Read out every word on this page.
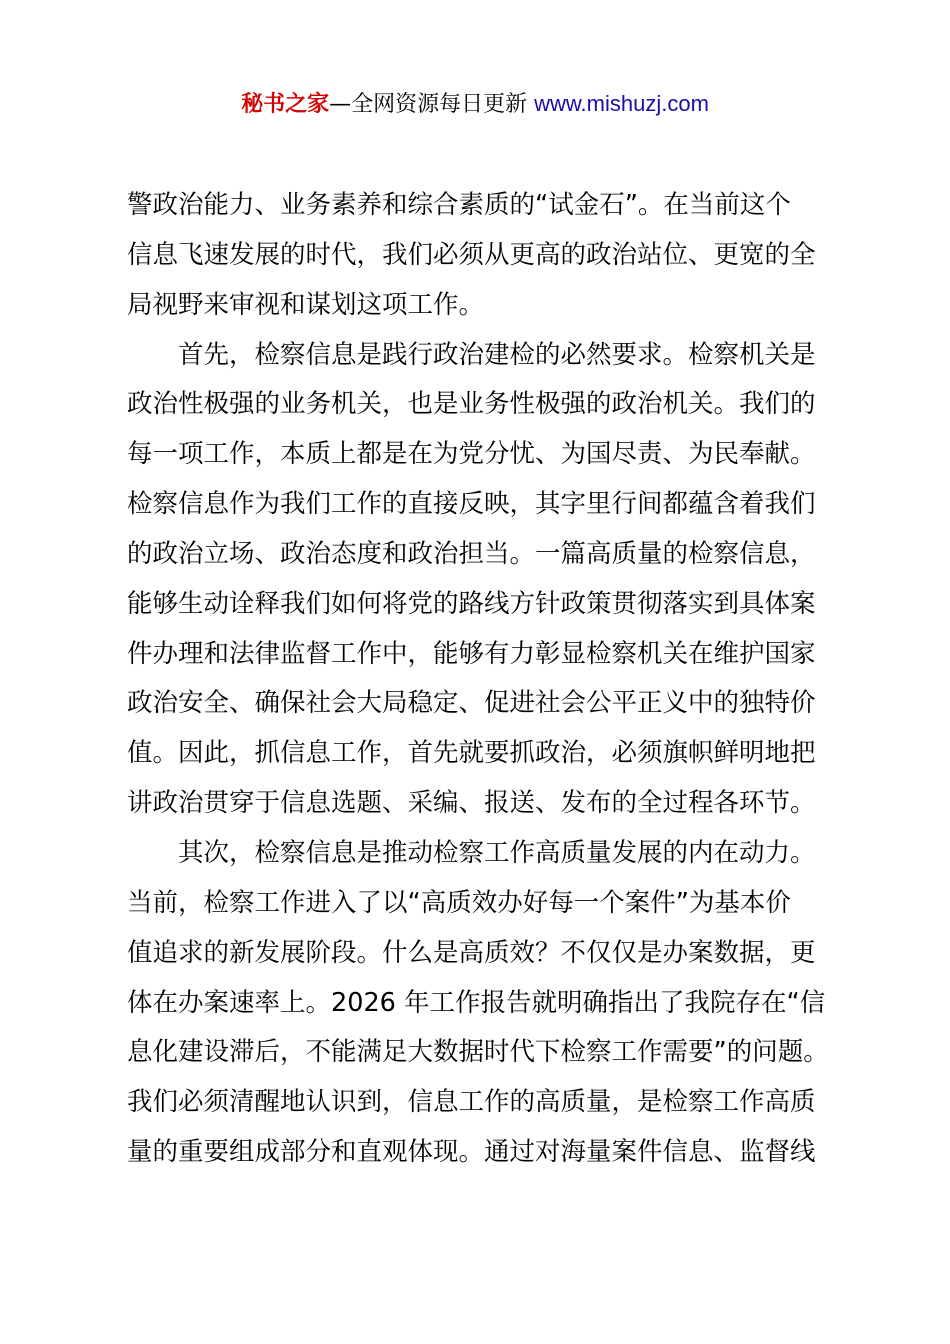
秘书之家—全网资源每日更新 www.mishuzj.com
警政治能力、业务素养和综合素质的“试金石”。在当前这个
信息飞速发展的时代，我们必须从更高的政治站位、更宽的全
局视野来审视和谋划这项工作。
首先，检察信息是践行政治建检的必然要求。检察机关是
政治性极强的业务机关，也是业务性极强的政治机关。我们的
每一项工作，本质上都是在为党分忧、为国尽责、为民奉献。
检察信息作为我们工作的直接反映，其字里行间都蕴含着我们
的政治立场、政治态度和政治担当。一篇高质量的检察信息，
能够生动诠释我们如何将党的路线方针政策贯彻落实到具体案
件办理和法律监督工作中，能够有力彰显检察机关在维护国家
政治安全、确保社会大局稳定、促进社会公平正义中的独特价
值。因此，抓信息工作，首先就要抓政治，必须旗帜鲜明地把
讲政治贯穿于信息选题、采编、报送、发布的全过程各环节。
其次，检察信息是推动检察工作高质量发展的内在动力。
当前，检察工作进入了以“高质效办好每一个案件”为基本价
值追求的新发展阶段。什么是高质效？不仅仅是办案数据，更
体在办案速率上。2026 年工作报告就明确指出了我院存在“信
息化建设滞后，不能满足大数据时代下检察工作需要”的问题。
我们必须清醒地认识到，信息工作的高质量，是检察工作高质
量的重要组成部分和直观体现。通过对海量案件信息、监督线
